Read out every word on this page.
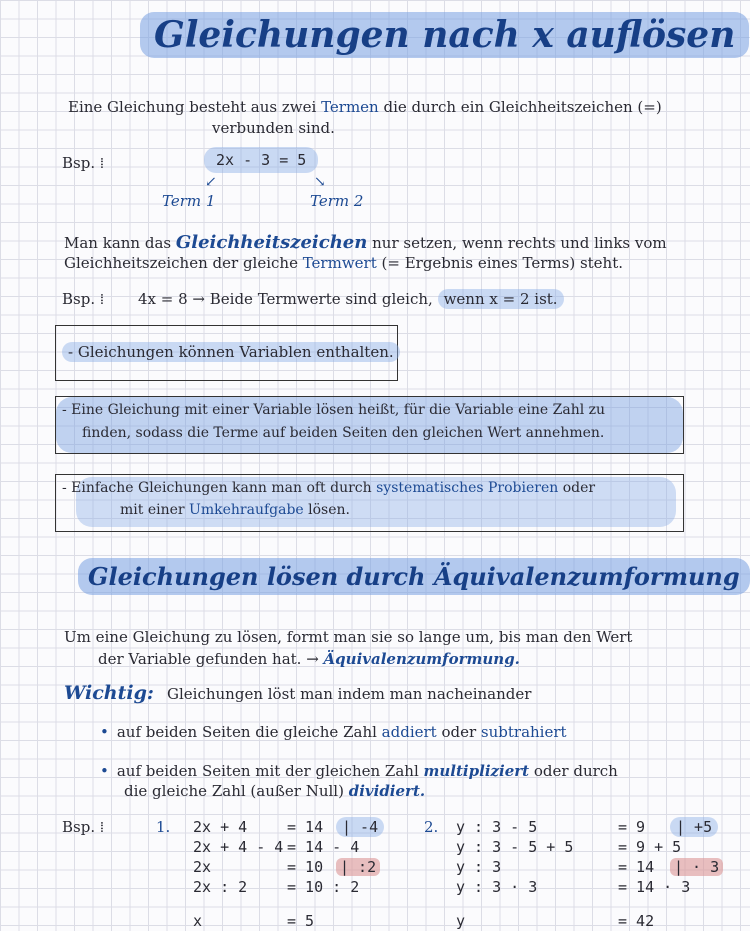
Gleichungen nach x auflösen
Eine Gleichung besteht aus zwei Termen die durch ein Gleichheitszeichen (=)
verbunden sind.
Bsp. ⁞	2x - 3 = 5
↙	↘
Term 1	Term 2
Man kann das Gleichheitszeichen nur setzen, wenn rechts und links vom
Gleichheitszeichen der gleiche Termwert (= Ergebnis eines Terms) steht.
Bsp. ⁞ 4x = 8 → Beide Termwerte sind gleich, wenn x = 2 ist.
- Gleichungen können Variablen enthalten.
- Eine Gleichung mit einer Variable lösen heißt, für die Variable eine Zahl zu
finden, sodass die Terme auf beiden Seiten den gleichen Wert annehmen.
- Einfache Gleichungen kann man oft durch systematisches Probieren oder
mit einer Umkehraufgabe lösen.
Gleichungen lösen durch Äquivalenzumformung
Um eine Gleichung zu lösen, formt man sie so lange um, bis man den Wert
der Variable gefunden hat. → Äquivalenzumformung.
Wichtig: Gleichungen löst man indem man nacheinander
• auf beiden Seiten die gleiche Zahl addiert oder subtrahiert
• auf beiden Seiten mit der gleichen Zahl multipliziert oder durch
die gleiche Zahl (außer Null) dividiert.
Bsp. ⁞	1.	2.
2x + 4	= 14	| -4
2x + 4 - 4 = 14 - 4
2x	= 10 | :2
2x : 2	= 10 : 2
x	= 5
y : 3 - 5	= 9	| +5
y : 3 - 5 + 5	= 9 + 5
y : 3	= 14 | · 3
y : 3 · 3	= 14 · 3
y	= 42
